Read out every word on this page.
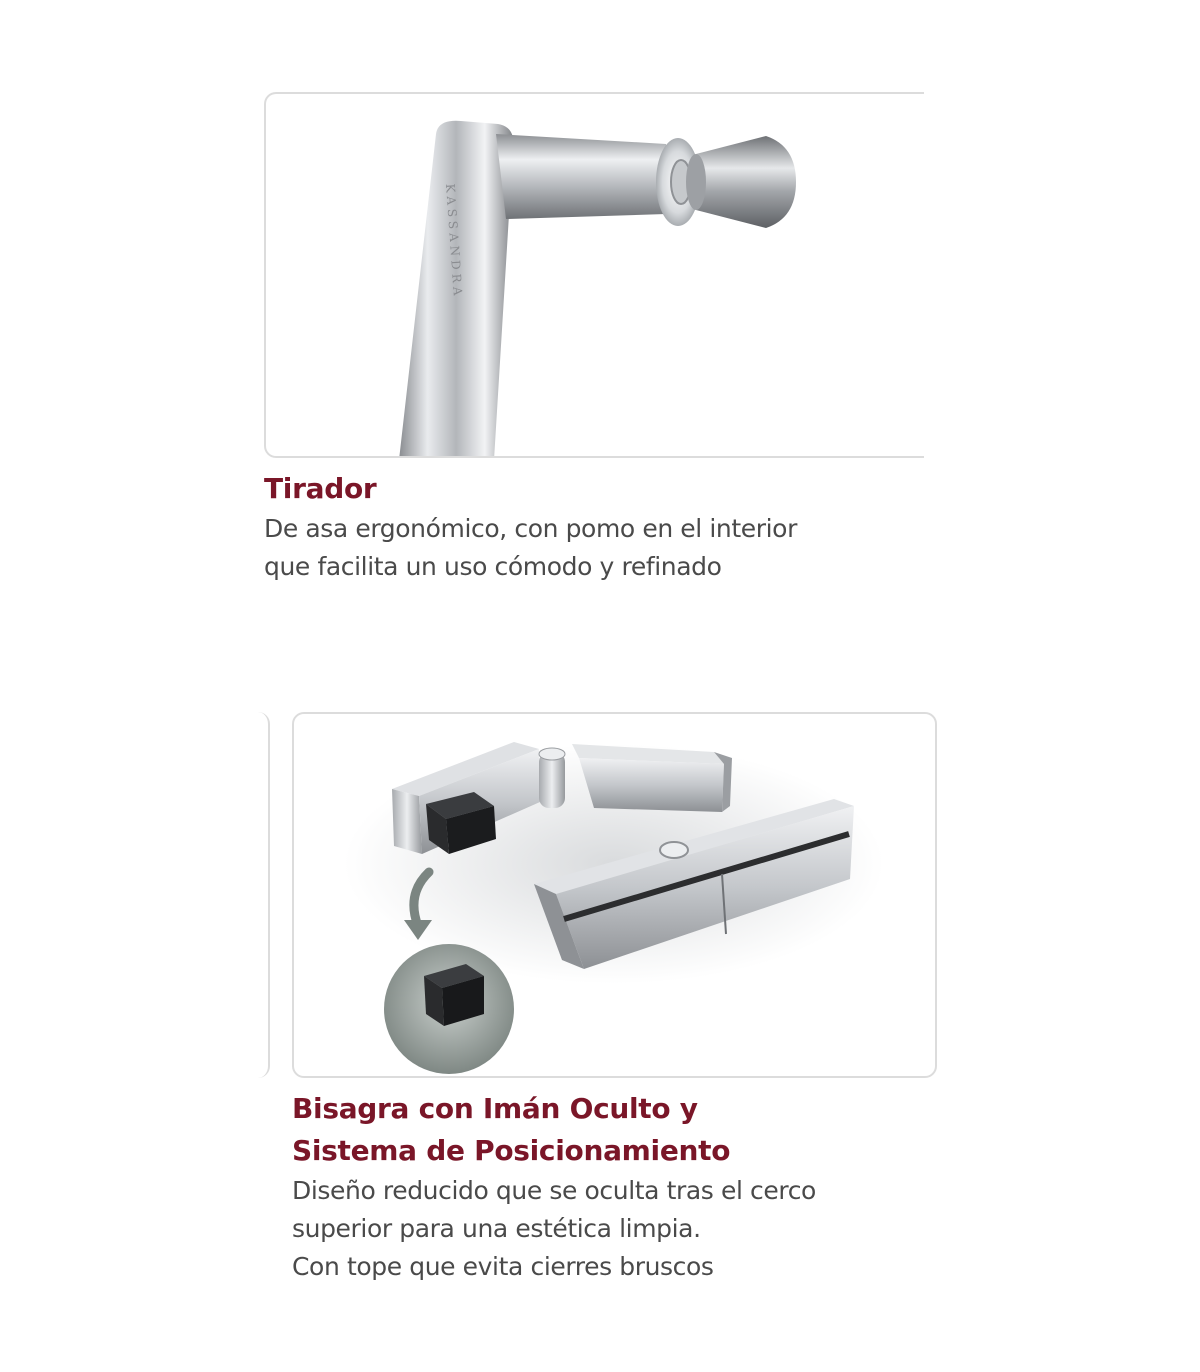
KASSANDRA
Tirador
De asa ergonómico, con pomo en el interior
que facilita un uso cómodo y refinado
Bisagra con Imán Oculto y
Sistema de Posicionamiento
Diseño reducido que se oculta tras el cerco
superior para una estética limpia.
Con tope que evita cierres bruscos
